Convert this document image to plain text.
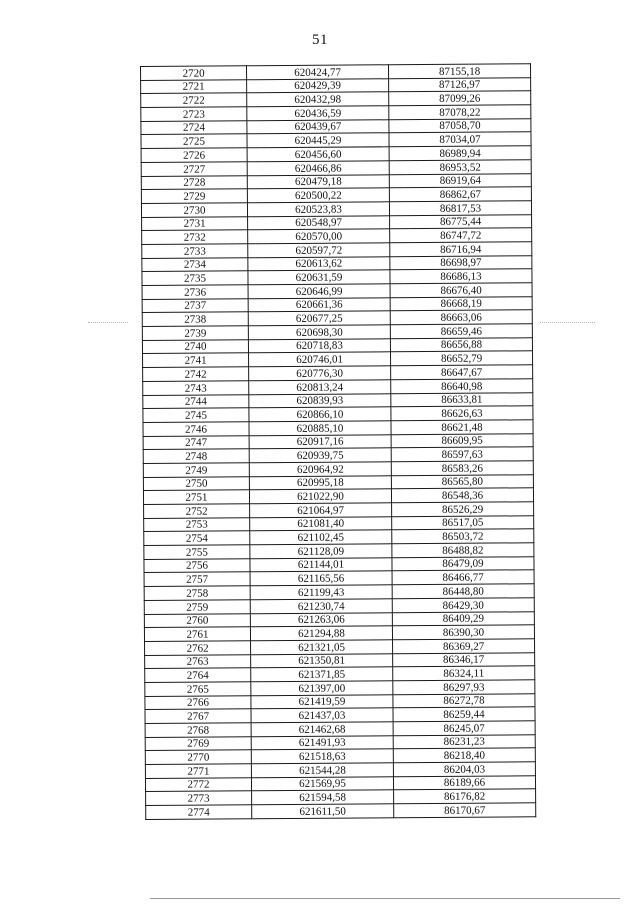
51
2720	620424,77	87155,18
2721	620429,39	87126,97
2722	620432,98	87099,26
2723	620436,59	87078,22
2724	620439,67	87058,70
2725	620445,29	87034,07
2726	620456,60	86989,94
2727	620466,86	86953,52
2728	620479,18	86919,64
2729	620500,22	86862,67
2730	620523,83	86817,53
2731	620548,97	86775,44
2732	620570,00	86747,72
2733	620597,72	86716,94
2734	620613,62	86698,97
2735	620631,59	86686,13
2736	620646,99	86676,40
2737	620661,36	86668,19
2738	620677,25	86663,06
2739	620698,30	86659,46
2740	620718,83	86656,88
2741	620746,01	86652,79
2742	620776,30	86647,67
2743	620813,24	86640,98
2744	620839,93	86633,81
2745	620866,10	86626,63
2746	620885,10	86621,48
2747	620917,16	86609,95
2748	620939,75	86597,63
2749	620964,92	86583,26
2750	620995,18	86565,80
2751	621022,90	86548,36
2752	621064,97	86526,29
2753	621081,40	86517,05
2754	621102,45	86503,72
2755	621128,09	86488,82
2756	621144,01	86479,09
2757	621165,56	86466,77
2758	621199,43	86448,80
2759	621230,74	86429,30
2760	621263,06	86409,29
2761	621294,88	86390,30
2762	621321,05	86369,27
2763	621350,81	86346,17
2764	621371,85	86324,11
2765	621397,00	86297,93
2766	621419,59	86272,78
2767	621437,03	86259,44
2768	621462,68	86245,07
2769	621491,93	86231,23
2770	621518,63	86218,40
2771	621544,28	86204,03
2772	621569,95	86189,66
2773	621594,58	86176,82
2774	621611,50	86170,67
